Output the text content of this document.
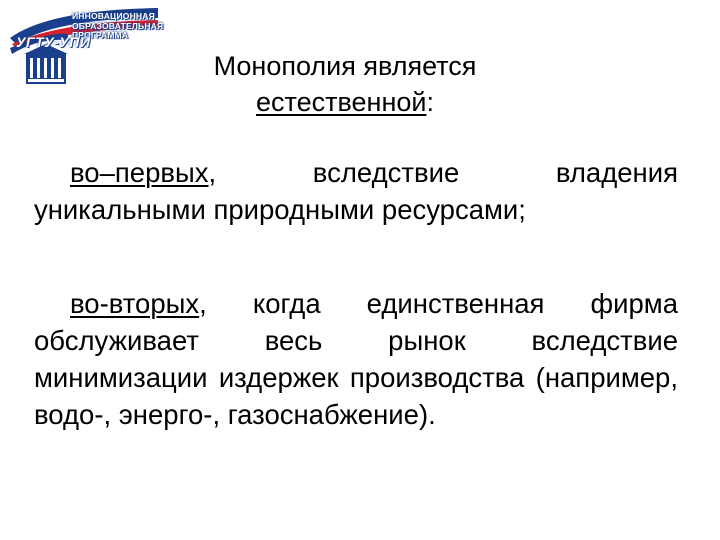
ИННОВАЦИОННАЯ
ОБРАЗОВАТЕЛЬНАЯ
ПРОГРАММА
УГТУ-УПИ
Монополия является
естественной:
во–первых, вследствие владения уникальными природными ресурсами;
во-вторых, когда единственная фирма обслуживает весь рынок вследствие минимизации издержек производства (например, водо-, энерго-, газоснабжение).
